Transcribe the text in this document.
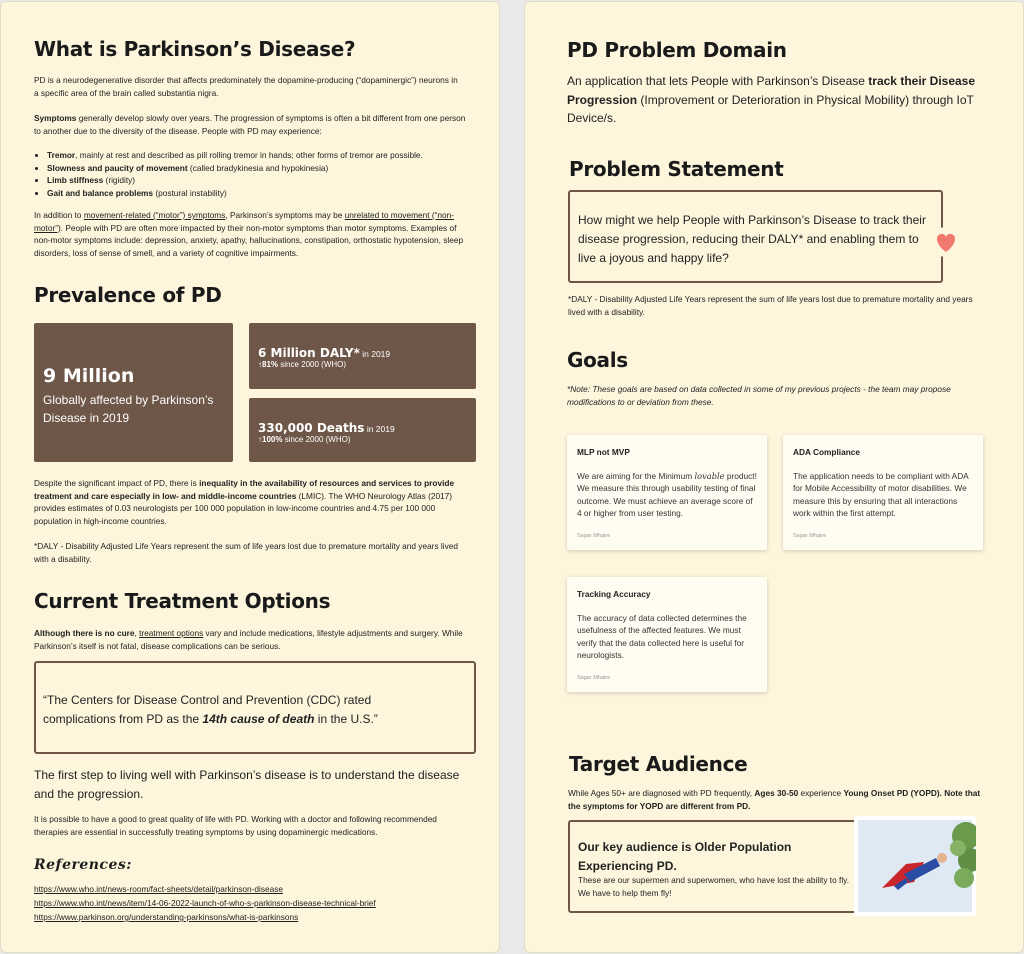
What is Parkinson’s Disease?

PD is a neurodegenerative disorder that affects predominately the dopamine-producing (“dopaminergic”) neurons in a specific area of the brain called substantia nigra.

Symptoms generally develop slowly over years. The progression of symptoms is often a bit different from one person to another due to the diversity of the disease. People with PD may experience:

• Tremor, mainly at rest and described as pill rolling tremor in hands; other forms of tremor are possible.
• Slowness and paucity of movement (called bradykinesia and hypokinesia)
• Limb stiffness (rigidity)
• Gait and balance problems (postural instability)

In addition to movement-related (“motor”) symptoms, Parkinson’s symptoms may be unrelated to movement (“non-motor”). People with PD are often more impacted by their non-motor symptoms than motor symptoms. Examples of non-motor symptoms include: depression, anxiety, apathy, hallucinations, constipation, orthostatic hypotension, sleep disorders, loss of sense of smell, and a variety of cognitive impairments.

Prevalence of PD
9 Million
Globally affected by Parkinson’s Disease in 2019
6 Million DALY* in 2019
↑81% since 2000 (WHO)
330,000 Deaths in 2019
↑100% since 2000 (WHO)

Despite the significant impact of PD, there is inequality in the availability of resources and services to provide treatment and care especially in low- and middle-income countries (LMIC). The WHO Neurology Atlas (2017) provides estimates of 0.03 neurologists per 100 000 population in low-income countries and 4.75 per 100 000 population in high-income countries.

*DALY - Disability Adjusted Life Years represent the sum of life years lost due to premature mortality and years lived with a disability.

Current Treatment Options

Although there is no cure, treatment options vary and include medications, lifestyle adjustments and surgery. While Parkinson’s itself is not fatal, disease complications can be serious.

“The Centers for Disease Control and Prevention (CDC) rated complications from PD as the 14th cause of death in the U.S.”

The first step to living well with Parkinson’s disease is to understand the disease and the progression.

It is possible to have a good to great quality of life with PD. Working with a doctor and following recommended therapies are essential in successfully treating symptoms by using dopaminergic medications.

References:
https://www.who.int/news-room/fact-sheets/detail/parkinson-disease
https://www.who.int/news/item/14-06-2022-launch-of-who-s-parkinson-disease-technical-brief
https://www.parkinson.org/understanding-parkinsons/what-is-parkinsons
PD Problem Domain

An application that lets People with Parkinson’s Disease track their Disease Progression (Improvement or Deterioration in Physical Mobility) through IoT Device/s.

Problem Statement

How might we help People with Parkinson’s Disease to track their disease progression, reducing their DALY* and enabling them to live a joyous and happy life?

*DALY - Disability Adjusted Life Years represent the sum of life years lost due to premature mortality and years lived with a disability.

Goals

*Note: These goals are based on data collected in some of my previous projects - the team may propose modifications to or deviation from these.

MLP not MVP
We are aiming for the Minimum lovable product! We measure this through usability testing of final outcome. We must achieve an average score of 4 or higher from user testing.
Sagar Mhatre
ADA Compliance
The application needs to be compliant with ADA for Mobile Accessibility of motor disabilities. We measure this by ensuring that all interactions work within the first attempt.
Sagar Mhatre
Tracking Accuracy
The accuracy of data collected determines the usefulness of the affected features. We must verify that the data collected here is useful for neurologists.
Sagar Mhatre
Target Audience

While Ages 50+ are diagnosed with PD frequently, Ages 30-50 experience Young Onset PD (YOPD). Note that the symptoms for YOPD are different from PD.

Our key audience is Older Population Experiencing PD.
These are our supermen and superwomen, who have lost the ability to fly. We have to help them fly!
